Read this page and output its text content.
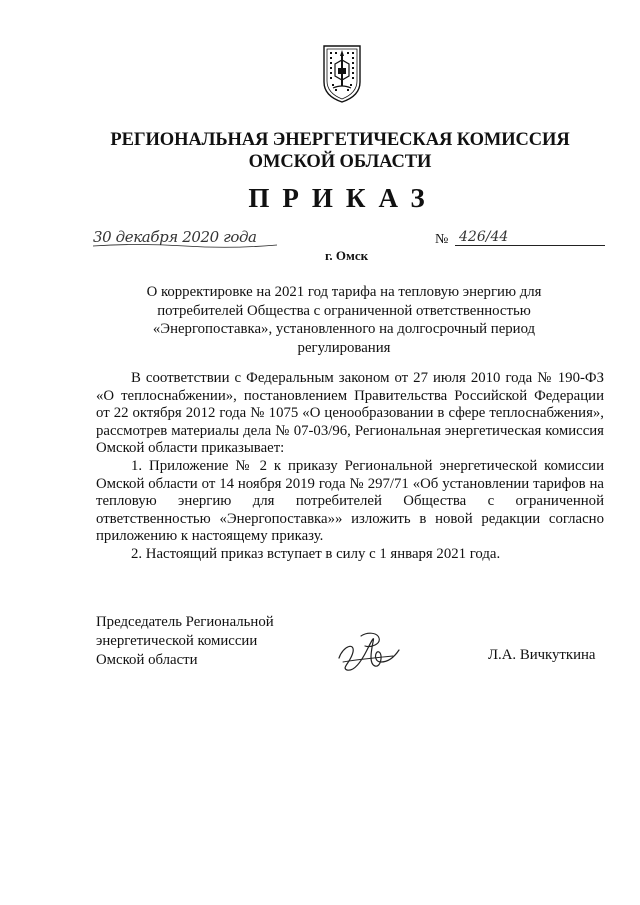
РЕГИОНАЛЬНАЯ ЭНЕРГЕТИЧЕСКАЯ КОМИССИЯ
ОМСКОЙ ОБЛАСТИ
ПРИКАЗ
30 декабря 2020 года
г. Омск
№ 426/44
О корректировке на 2021 год тарифа на тепловую энергию для
потребителей Общества с ограниченной ответственностью
«Энергопоставка», установленного на долгосрочный период
регулирования

В соответствии с Федеральным законом от 27 июля 2010 года № 190-ФЗ «О теплоснабжении», постановлением Правительства Российской Федерации от 22 октября 2012 года № 1075 «О ценообразовании в сфере теплоснабжения», рассмотрев материалы дела № 07-03/96, Региональная энергетическая комиссия Омской области приказывает:

1. Приложение № 2 к приказу Региональной энергетической комиссии Омской области от 14 ноября 2019 года № 297/71 «Об установлении тарифов на тепловую энергию для потребителей Общества с ограниченной ответственностью «Энергопоставка»» изложить в новой редакции согласно приложению к настоящему приказу.

2. Настоящий приказ вступает в силу с 1 января 2021 года.

Председатель Региональной
энергетической комиссии
Омской области	Л.А. Вичкуткина
